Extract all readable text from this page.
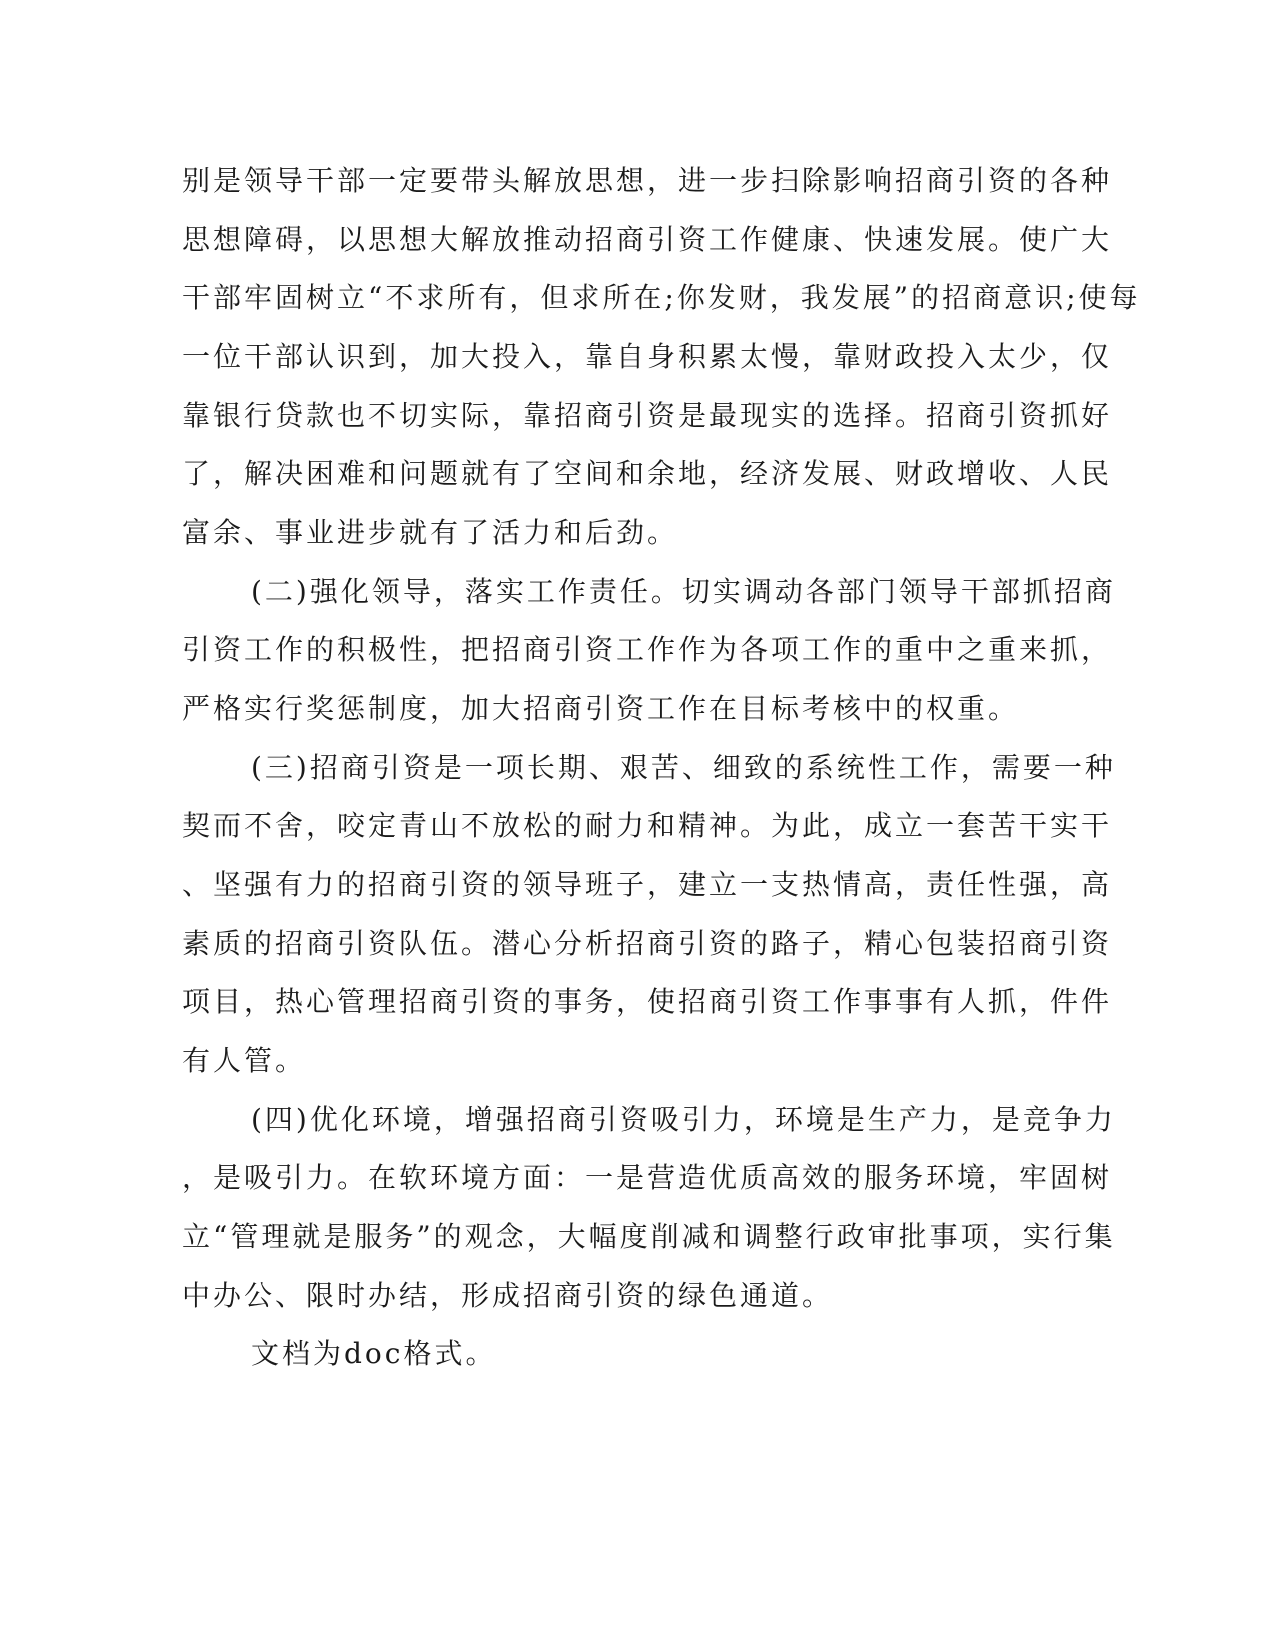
别是领导干部一定要带头解放思想，进一步扫除影响招商引资的各种
思想障碍，以思想大解放推动招商引资工作健康、快速发展。使广大
干部牢固树立“不求所有，但求所在;你发财，我发展”的招商意识;使每
一位干部认识到，加大投入，靠自身积累太慢，靠财政投入太少，仅
靠银行贷款也不切实际，靠招商引资是最现实的选择。招商引资抓好
了，解决困难和问题就有了空间和余地，经济发展、财政增收、人民
富余、事业进步就有了活力和后劲。
(二)强化领导，落实工作责任。切实调动各部门领导干部抓招商
引资工作的积极性，把招商引资工作作为各项工作的重中之重来抓，
严格实行奖惩制度，加大招商引资工作在目标考核中的权重。
(三)招商引资是一项长期、艰苦、细致的系统性工作，需要一种
契而不舍，咬定青山不放松的耐力和精神。为此，成立一套苦干实干
、坚强有力的招商引资的领导班子，建立一支热情高，责任性强，高
素质的招商引资队伍。潜心分析招商引资的路子，精心包装招商引资
项目，热心管理招商引资的事务，使招商引资工作事事有人抓，件件
有人管。
(四)优化环境，增强招商引资吸引力，环境是生产力，是竞争力
，是吸引力。在软环境方面：一是营造优质高效的服务环境，牢固树
立“管理就是服务”的观念，大幅度削减和调整行政审批事项，实行集
中办公、限时办结，形成招商引资的绿色通道。
文档为doc格式。
